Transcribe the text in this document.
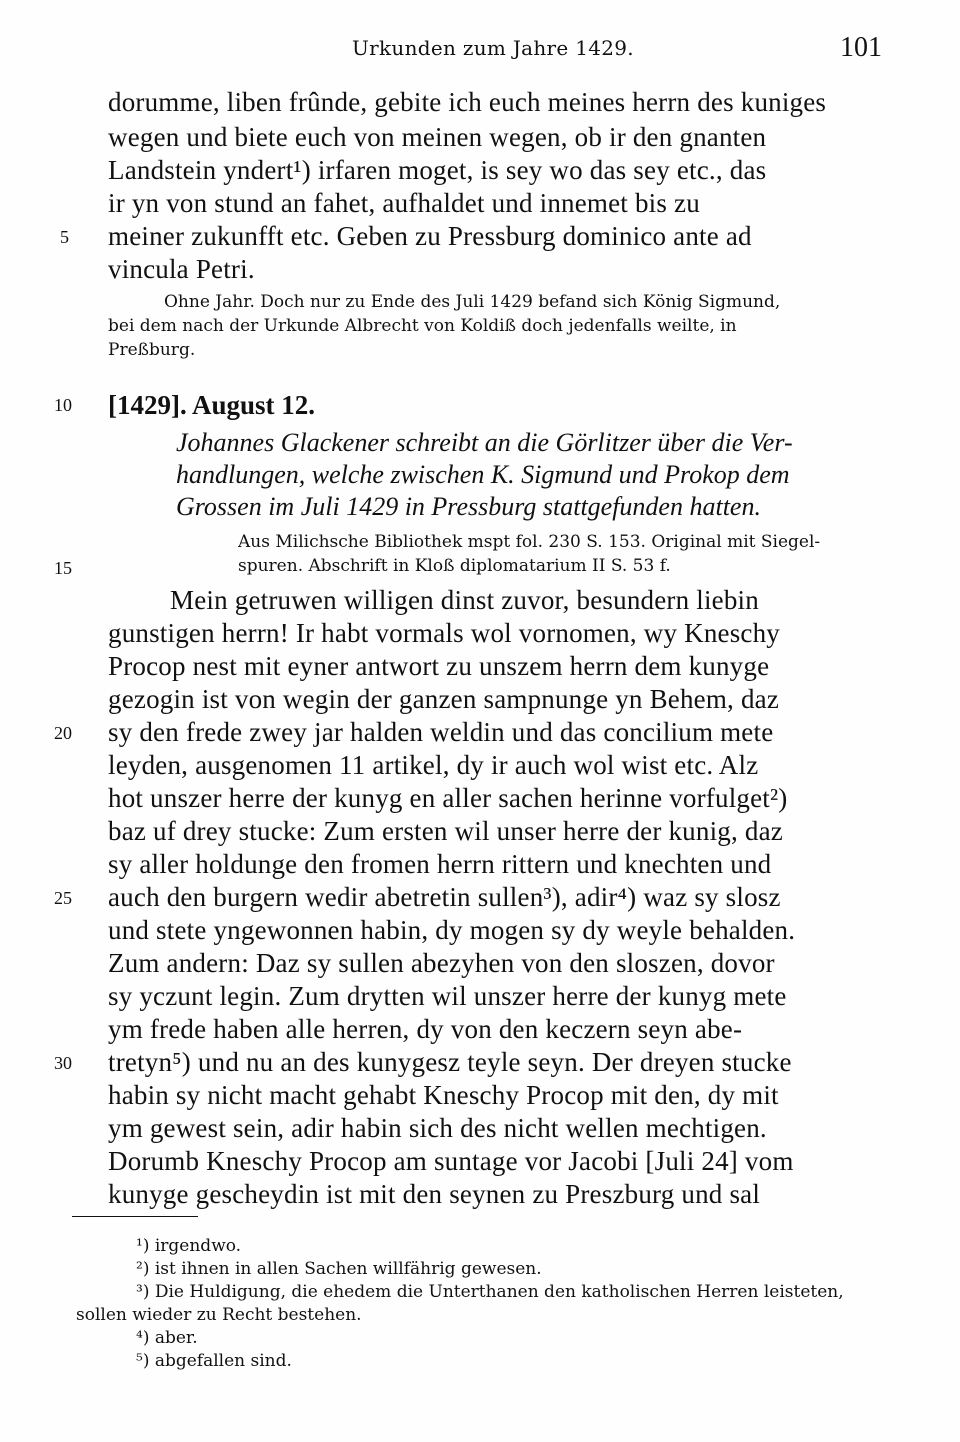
Urkunden zum Jahre 1429.	101
dorumme, liben frûnde, gebite ich euch meines herrn des kuniges
wegen und biete euch von meinen wegen, ob ir den gnanten
Landstein yndert¹) irfaren moget, is sey wo das sey etc., das
ir yn von stund an fahet, aufhaldet und innemet bis zu
meiner zukunfft etc. Geben zu Pressburg dominico ante ad
vincula Petri.
Ohne Jahr. Doch nur zu Ende des Juli 1429 befand sich König Sigmund,
bei dem nach der Urkunde Albrecht von Koldiß doch jedenfalls weilte, in
Preßburg.
[1429]. August 12.
Johannes Glackener schreibt an die Görlitzer über die Ver-
handlungen, welche zwischen K. Sigmund und Prokop dem
Grossen im Juli 1429 in Pressburg stattgefunden hatten.
Aus Milichsche Bibliothek mspt fol. 230 S. 153. Original mit Siegel-
spuren. Abschrift in Kloß diplomatarium II S. 53 f.
Mein getruwen willigen dinst zuvor, besundern liebin
gunstigen herrn! Ir habt vormals wol vornomen, wy Kneschy
Procop nest mit eyner antwort zu unszem herrn dem kunyge
gezogin ist von wegin der ganzen sampnunge yn Behem, daz
sy den frede zwey jar halden weldin und das concilium mete
leyden, ausgenomen 11 artikel, dy ir auch wol wist etc. Alz
hot unszer herre der kunyg en aller sachen herinne vorfulget²)
baz uf drey stucke: Zum ersten wil unser herre der kunig, daz
sy aller holdunge den fromen herrn rittern und knechten und
auch den burgern wedir abetretin sullen³), adir⁴) waz sy slosz
und stete yngewonnen habin, dy mogen sy dy weyle behalden.
Zum andern: Daz sy sullen abezyhen von den sloszen, dovor
sy yczunt legin. Zum drytten wil unszer herre der kunyg mete
ym frede haben alle herren, dy von den keczern seyn abe-
tretyn⁵) und nu an des kunygesz teyle seyn. Der dreyen stucke
habin sy nicht macht gehabt Kneschy Procop mit den, dy mit
ym gewest sein, adir habin sich des nicht wellen mechtigen.
Dorumb Kneschy Procop am suntage vor Jacobi [Juli 24] vom
kunyge gescheydin ist mit den seynen zu Preszburg und sal
5
10
15
20
25
30
¹) irgendwo.
²) ist ihnen in allen Sachen willfährig gewesen.
³) Die Huldigung, die ehedem die Unterthanen den katholischen Herren leisteten,
sollen wieder zu Recht bestehen.
⁴) aber.
⁵) abgefallen sind.
